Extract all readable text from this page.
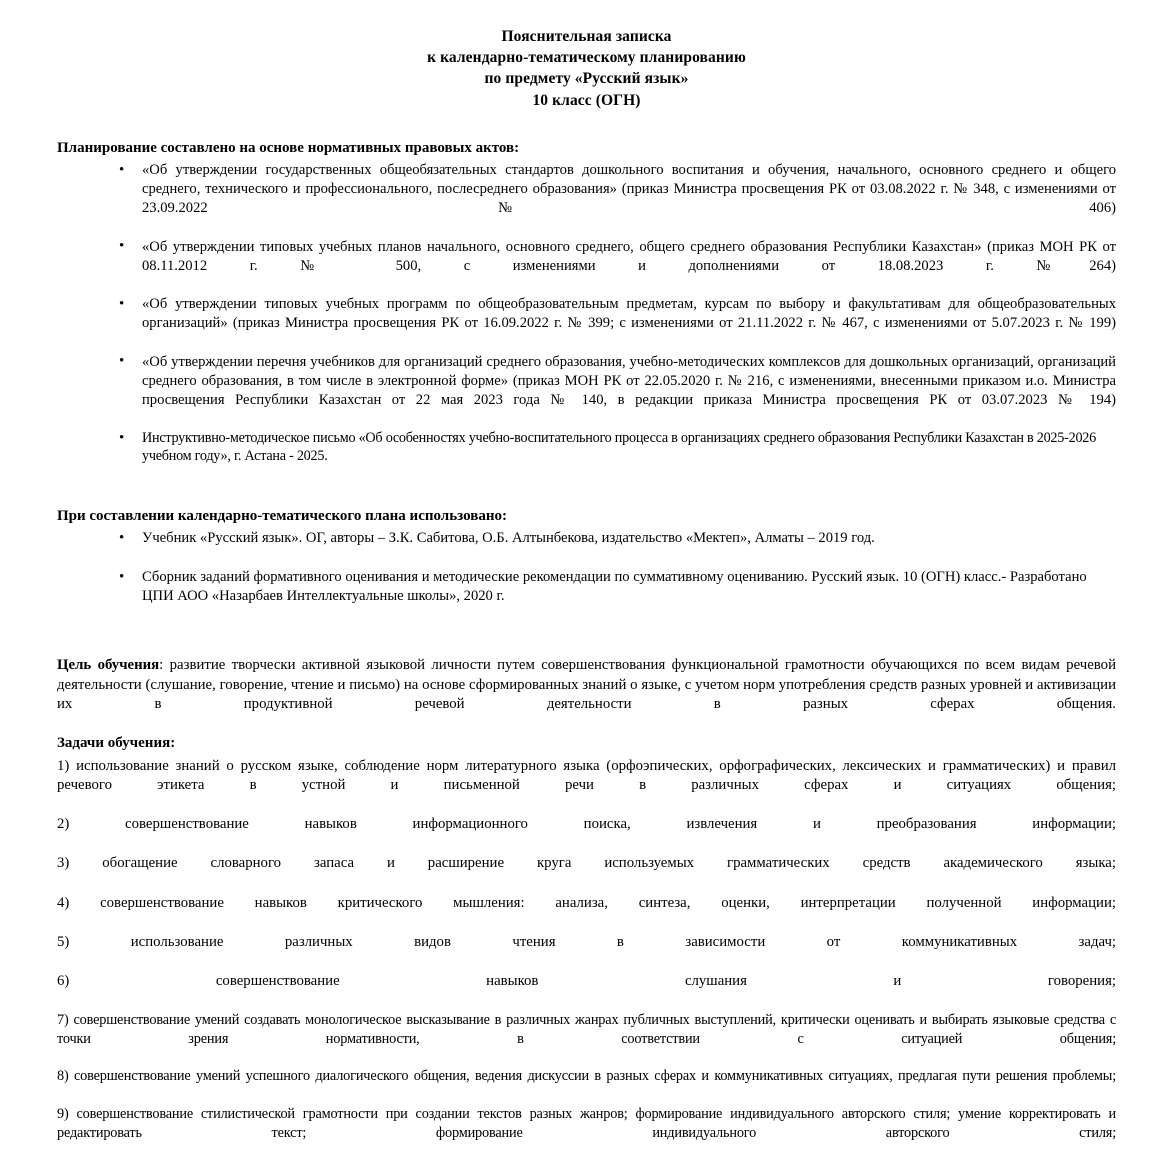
Пояснительная записка
к календарно-тематическому планированию
по предмету «Русский язык»
10 класс (ОГН)
Планирование составлено на основе нормативных правовых актов:
• «Об утверждении государственных общеобязательных стандартов дошкольного воспитания и обучения, начального, основного среднего и общего среднего, технического и профессионального, послесреднего образования» (приказ Министра просвещения РК от 03.08.2022 г. № 348, с изменениями от 23.09.2022 № 406)
• «Об утверждении типовых учебных планов начального, основного среднего, общего среднего образования Республики Казахстан» (приказ МОН РК от 08.11.2012 г. № 500, с изменениями и дополнениями от 18.08.2023 г. №264)
• «Об утверждении типовых учебных программ по общеобразовательным предметам, курсам по выбору и факультативам для общеобразовательных организаций» (приказ Министра просвещения РК от 16.09.2022 г. № 399; с изменениями от 21.11.2022 г. № 467, с изменениями от 5.07.2023 г. № 199)
• «Об утверждении перечня учебников для организаций среднего образования, учебно-методических комплексов для дошкольных организаций, организаций среднего образования, в том числе в электронной форме» (приказ МОН РК от 22.05.2020 г. № 216, с изменениями, внесенными приказом и.о. Министра просвещения Республики Казахстан от 22 мая 2023 года № 140, в редакции приказа Министра просвещения РК от 03.07.2023 № 194)
• Инструктивно-методическое письмо «Об особенностях учебно-воспитательного процесса в организациях среднего образования Республики Казахстан в 2025-2026 учебном году», г. Астана - 2025.
При составлении календарно-тематического плана использовано:
• Учебник «Русский язык». ОГ, авторы – З.К. Сабитова, О.Б. Алтынбекова, издательство «Мектеп», Алматы – 2019 год.
• Сборник заданий формативного оценивания и методические рекомендации по суммативному оцениванию. Русский язык. 10 (ОГН) класс.- Разработано ЦПИ АОО «Назарбаев Интеллектуальные школы», 2020 г.

Цель обучения: развитие творчески активной языковой личности путем совершенствования функциональной грамотности обучающихся по всем видам речевой деятельности (слушание, говорение, чтение и письмо) на основе сформированных знаний о языке, с учетом норм употребления средств разных уровней и активизации их в продуктивной речевой деятельности в разных сферах общения.

Задачи обучения:
1) использование знаний о русском языке, соблюдение норм литературного языка (орфоэпических, орфографических, лексических и грамматических) и правил речевого этикета в устной и письменной речи в различных сферах и ситуациях общения;
2) совершенствование навыков информационного поиска, извлечения и преобразования информации;
3) обогащение словарного запаса и расширение круга используемых грамматических средств академического языка;
4) совершенствование навыков критического мышления: анализа, синтеза, оценки, интерпретации полученной информации;
5) использование различных видов чтения в зависимости от коммуникативных задач;
6) совершенствование навыков слушания и говорения;
7) совершенствование умений создавать монологическое высказывание в различных жанрах публичных выступлений, критически оценивать и выбирать языковые средства с точки зрения нормативности, в соответствии с ситуацией общения;
8) совершенствование умений успешного диалогического общения, ведения дискуссии в разных сферах и коммуникативных ситуациях, предлагая пути решения проблемы;
9) совершенствование стилистической грамотности при создании текстов разных жанров; формирование индивидуального авторского стиля; умение корректировать и редактировать текст; формирование индивидуального авторского стиля;
